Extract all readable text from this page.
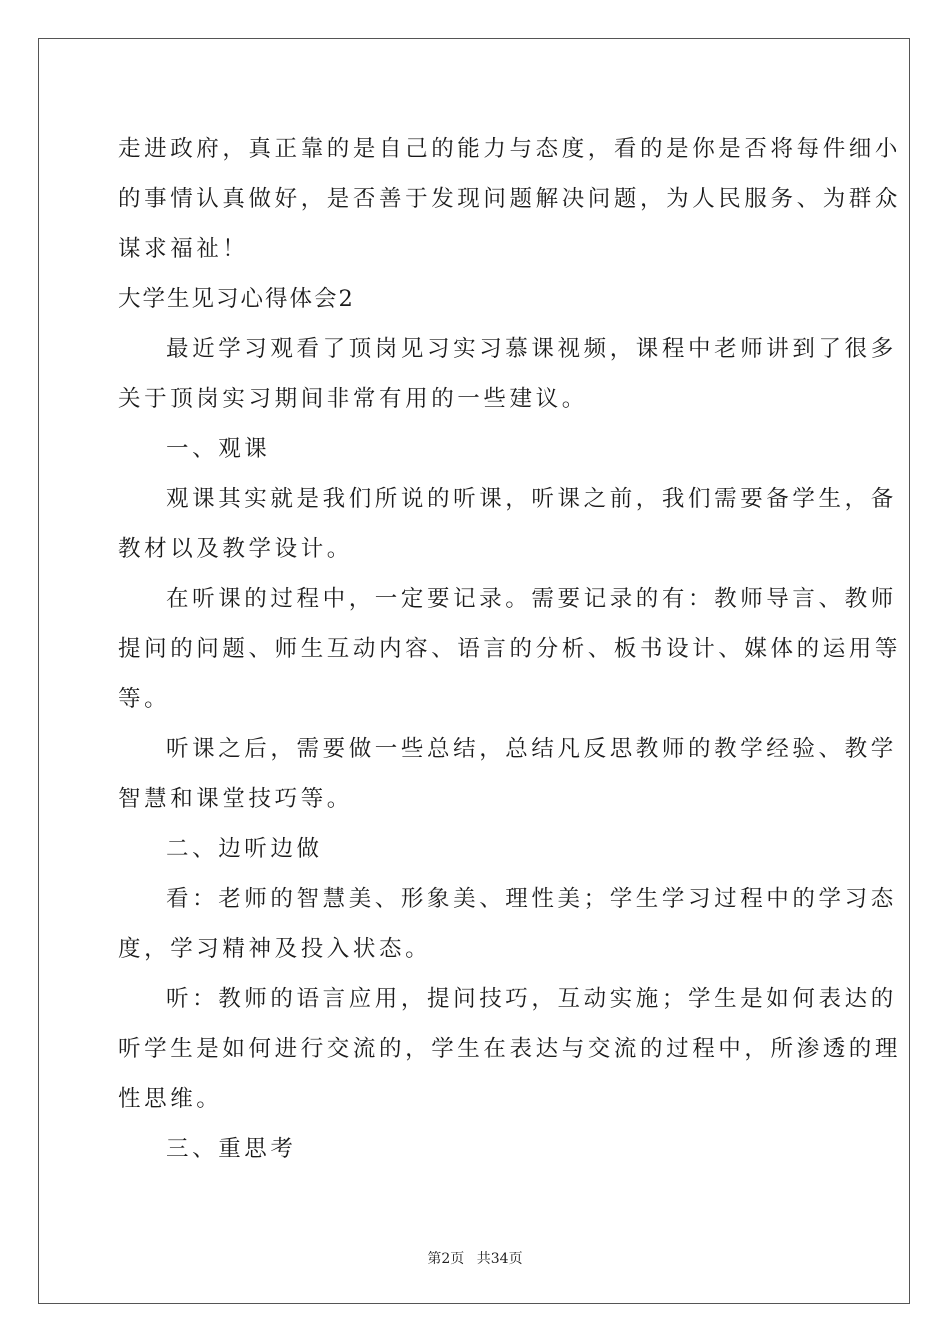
走进政府，真正靠的是自己的能力与态度，看的是你是否将每件细小
的事情认真做好，是否善于发现问题解决问题，为人民服务、为群众
谋求福祉！
大学生见习心得体会2
最近学习观看了顶岗见习实习慕课视频，课程中老师讲到了很多
关于顶岗实习期间非常有用的一些建议。
一、观课
观课其实就是我们所说的听课，听课之前，我们需要备学生，备
教材以及教学设计。
在听课的过程中，一定要记录。需要记录的有：教师导言、教师
提问的问题、师生互动内容、语言的分析、板书设计、媒体的运用等
等。
听课之后，需要做一些总结，总结凡反思教师的教学经验、教学
智慧和课堂技巧等。
二、边听边做
看：老师的智慧美、形象美、理性美；学生学习过程中的学习态
度，学习精神及投入状态。
听：教师的语言应用，提问技巧，互动实施；学生是如何表达的
听学生是如何进行交流的，学生在表达与交流的过程中，所渗透的理
性思维。
三、重思考
第2页 共34页
